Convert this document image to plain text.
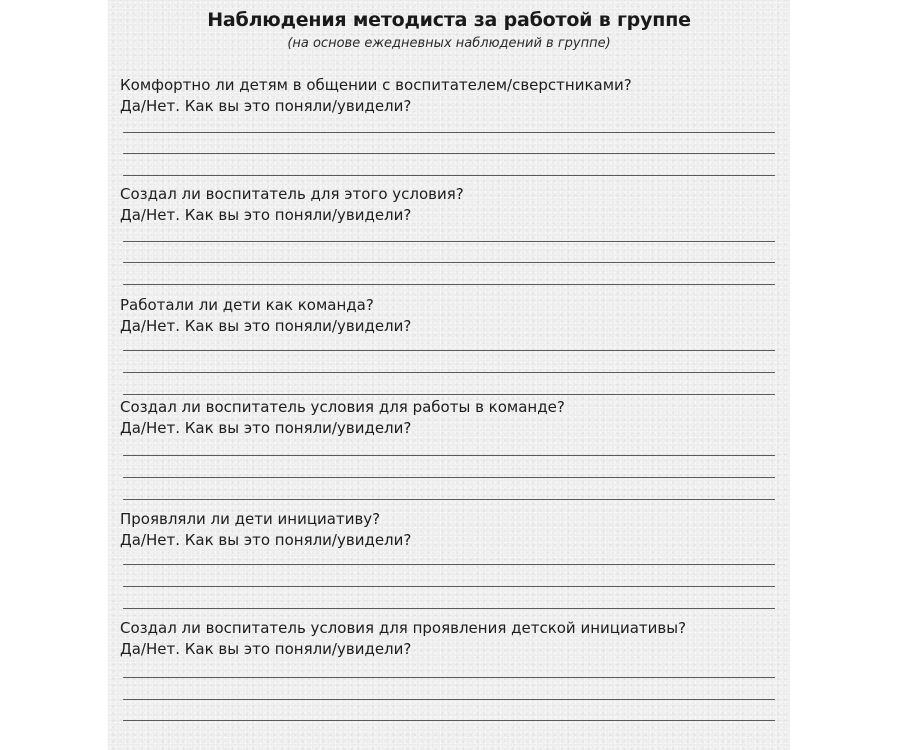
Наблюдения методиста за работой в группе
(на основе ежедневных наблюдений в группе)

Комфортно ли детям в общении с воспитателем/сверстниками?

Да/Нет. Как вы это поняли/увидели?

Создал ли воспитатель для этого условия?

Да/Нет. Как вы это поняли/увидели?

Работали ли дети как команда?

Да/Нет. Как вы это поняли/увидели?

Создал ли воспитатель условия для работы в команде?

Да/Нет. Как вы это поняли/увидели?

Проявляли ли дети инициативу?

Да/Нет. Как вы это поняли/увидели?

Создал ли воспитатель условия для проявления детской инициативы?

Да/Нет. Как вы это поняли/увидели?
